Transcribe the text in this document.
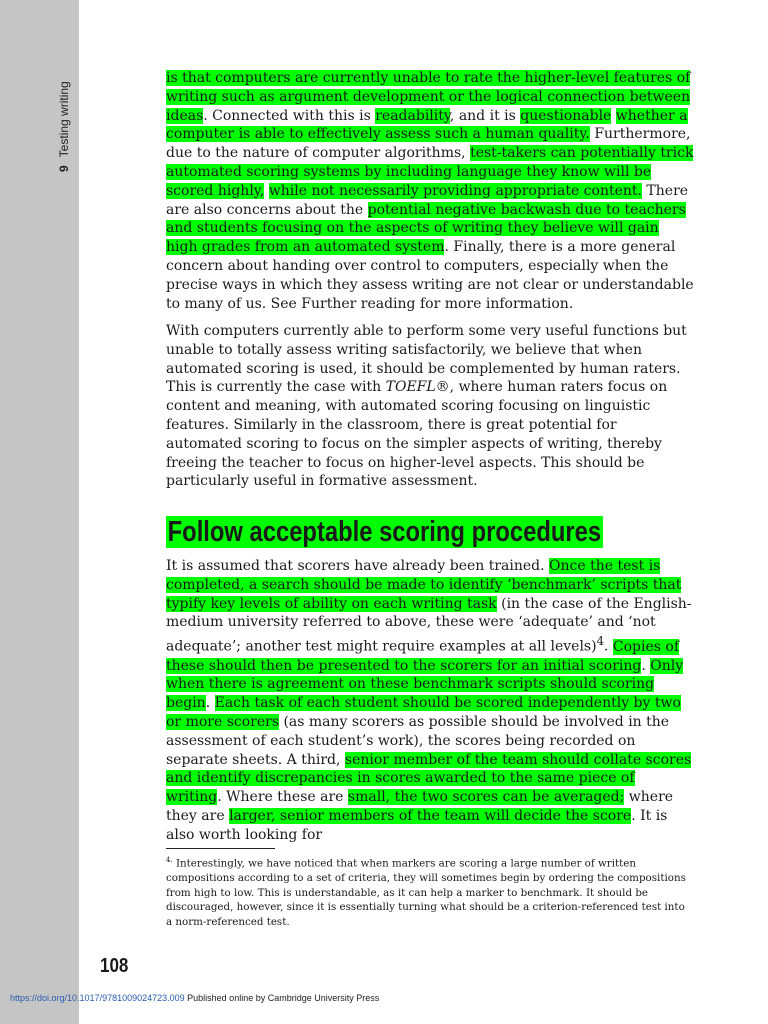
9Testing writing

is that computers are currently unable to rate the higher-level features of writing such as argument development or the logical connection between ideas. Connected with this is readability, and it is questionable whether a computer is able to effectively assess such a human quality. Furthermore, due to the nature of computer algorithms, test-takers can potentially trick automated scoring systems by including language they know will be scored highly, while not necessarily providing appropriate content. There are also concerns about the potential negative backwash due to teachers and students focusing on the aspects of writing they believe will gain high grades from an automated system. Finally, there is a more general concern about handing over control to computers, especially when the precise ways in which they assess writing are not clear or understandable to many of us. See Further reading for more information.

With computers currently able to perform some very useful functions but unable to totally assess writing satisfactorily, we believe that when automated scoring is used, it should be complemented by human raters. This is currently the case with TOEFL®, where human raters focus on content and meaning, with automated scoring focusing on linguistic features. Similarly in the classroom, there is great potential for automated scoring to focus on the simpler aspects of writing, thereby freeing the teacher to focus on higher-level aspects. This should be particularly useful in formative assessment.

Follow acceptable scoring procedures

It is assumed that scorers have already been trained. Once the test is completed, a search should be made to identify ‘benchmark’ scripts that typify key levels of ability on each writing task (in the case of the English-medium university referred to above, these were ‘adequate’ and ‘not adequate’; another test might require examples at all levels)$^4$. Copies of these should then be presented to the scorers for an initial scoring. Only when there is agreement on these benchmark scripts should scoring begin. Each task of each student should be scored independently by two or more scorers (as many scorers as possible should be involved in the assessment of each student’s work), the scores being recorded on separate sheets. A third, senior member of the team should collate scores and identify discrepancies in scores awarded to the same piece of writing. Where these are small, the two scores can be averaged; where they are larger, senior members of the team will decide the score. It is also worth looking for

$^{4.}$ Interestingly, we have noticed that when markers are scoring a large number of written compositions according to a set of criteria, they will sometimes begin by ordering the compositions from high to low. This is understandable, as it can help a marker to benchmark. It should be discouraged, however, since it is essentially turning what should be a criterion-referenced test into a norm-referenced test.

108
https://doi.org/10.1017/9781009024723.009 Published online by Cambridge University Press
